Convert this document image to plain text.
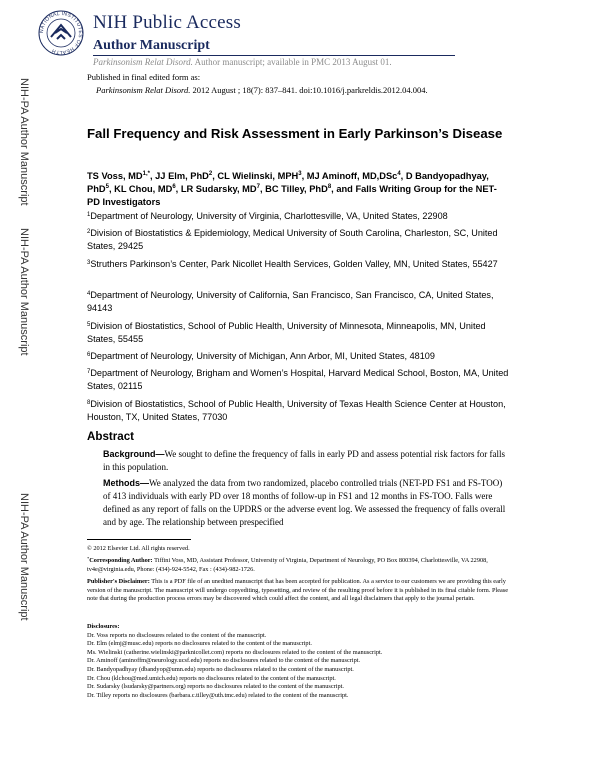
NATIONAL INSTITUTES OF HEALTH
NIH Public Access
Author Manuscript
Parkinsonism Relat Disord. Author manuscript; available in PMC 2013 August 01.
NIH-PA Author Manuscript
NIH-PA Author Manuscript
NIH-PA Author Manuscript
Published in final edited form as:
Parkinsonism Relat Disord. 2012 August ; 18(7): 837–841. doi:10.1016/j.parkreldis.2012.04.004.
Fall Frequency and Risk Assessment in Early Parkinson’s Disease
TS Voss, $MD^{1,*}$, JJ Elm, PhD$^2$, CL Wielinski, MPH$^3$, MJ Aminoff, MD,DSc$^4$, D Bandyopadhyay, PhD$^5$, KL Chou, $MD^6$, LR Sudarsky, $MD^7$, BC Tilley, PhD$^8$, and Falls Writing Group for the NET-PD Investigators
$^1$Department of Neurology, University of Virginia, Charlottesville, VA, United States, 22908
$^2$Division of Biostatistics & Epidemiology, Medical University of South Carolina, Charleston, SC, United States, 29425
$^3$Struthers Parkinson’s Center, Park Nicollet Health Services, Golden Valley, MN, United States, 55427
$^4$Department of Neurology, University of California, San Francisco, San Francisco, CA, United States, 94143
$^5$Division of Biostatistics, School of Public Health, University of Minnesota, Minneapolis, MN, United States, 55455
$^6$Department of Neurology, University of Michigan, Ann Arbor, MI, United States, 48109
$^7$Department of Neurology, Brigham and Women’s Hospital, Harvard Medical School, Boston, MA, United States, 02115
$^8$Division of Biostatistics, School of Public Health, University of Texas Health Science Center at Houston, Houston, TX, United States, 77030
Abstract
Background—We sought to define the frequency of falls in early PD and assess potential risk factors for falls in this population.
Methods—We analyzed the data from two randomized, placebo controlled trials (NET-PD FS1 and FS-TOO) of 413 individuals with early PD over 18 months of follow-up in FS1 and 12 months in FS-TOO. Falls were defined as any report of falls on the UPDRS or the adverse event log. We assessed the frequency of falls overall and by age. The relationship between prespecified
© 2012 Elsevier Ltd. All rights reserved.
*Corresponding Author: Tiffini Voss, MD, Assistant Professor, University of Virginia, Department of Neurology, PO Box 800394, Charlottesville, VA 22908, tv4e@virginia.edu, Phone: (434)-924-5542, Fax : (434)-982-1726.
Publisher's Disclaimer: This is a PDF file of an unedited manuscript that has been accepted for publication. As a service to our customers we are providing this early version of the manuscript. The manuscript will undergo copyediting, typesetting, and review of the resulting proof before it is published in its final citable form. Please note that during the production process errors may be discovered which could affect the content, and all legal disclaimers that apply to the journal pertain.
Disclosures:
Dr. Voss reports no disclosures related to the content of the manuscript.
Dr. Elm (elmj@musc.edu) reports no disclosures related to the content of the manuscript.
Ms. Wielinski (catherine.wielinski@parknicollet.com) reports no disclosures related to the content of the manuscript.
Dr. Aminoff (aminoffm@neurology.ucsf.edu) reports no disclosures related to the content of the manuscript.
Dr. Bandyopadhyay (dbandyop@umn.edu) reports no disclosures related to the content of the manuscript.
Dr. Chou (klchou@med.umich.edu) reports no disclosures related to the content of the manuscript.
Dr. Sudarsky (lsudarsky@partners.org) reports no disclosures related to the content of the manuscript.
Dr. Tilley reports no disclosures (barbara.c.tilley@uth.tmc.edu) related to the content of the manuscript.
